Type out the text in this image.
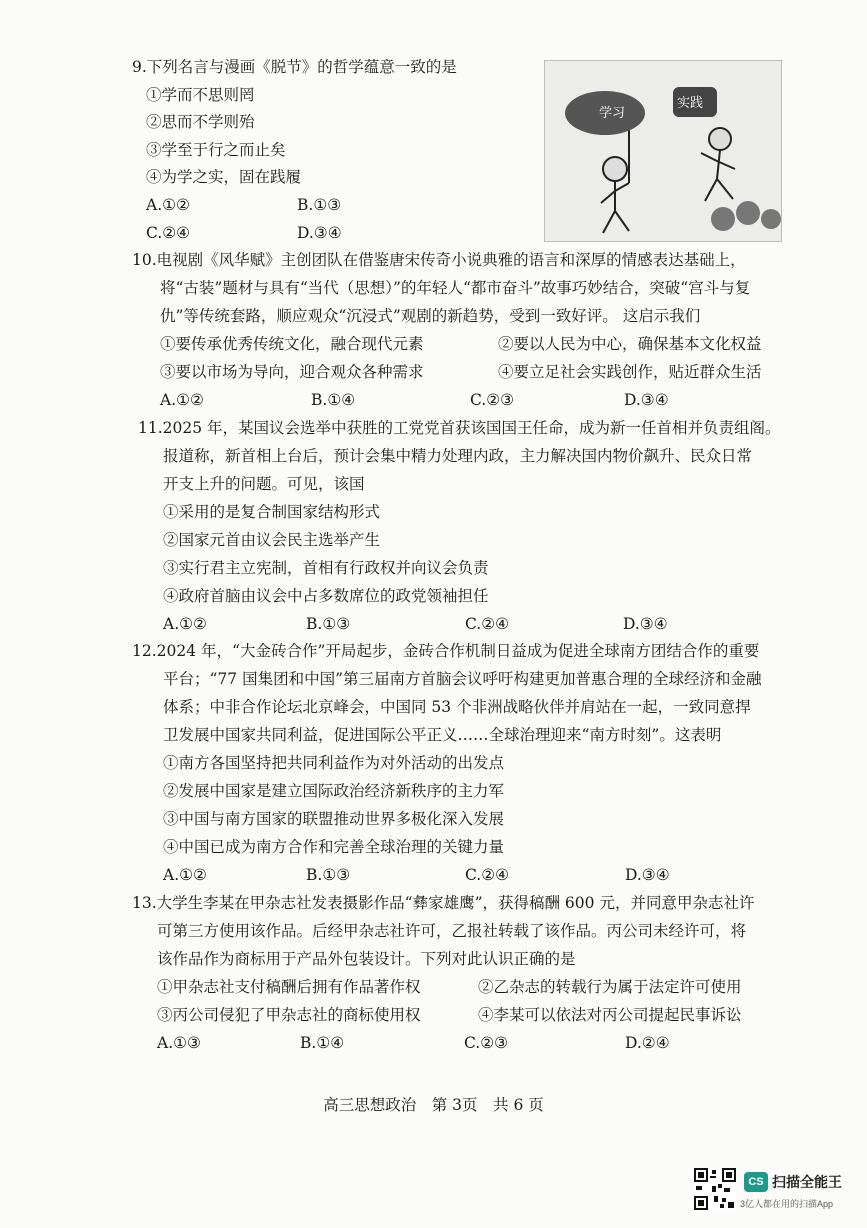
9.下列名言与漫画《脱节》的哲学蕴意一致的是
①学而不思则罔
②思而不学则殆
③学至于行之而止矣
④为学之实，固在践履
A.①②	B.①③
C.②④	D.③④
学习
实践
10.电视剧《风华赋》主创团队在借鉴唐宋传奇小说典雅的语言和深厚的情感表达基础上，
将“古装”题材与具有“当代（思想）”的年轻人“都市奋斗”故事巧妙结合，突破“宫斗与复
仇”等传统套路，顺应观众“沉浸式”观剧的新趋势，受到一致好评。 这启示我们
①要传承优秀传统文化，融合现代元素	②要以人民为中心，确保基本文化权益
③要以市场为导向，迎合观众各种需求	④要立足社会实践创作，贴近群众生活
A.①②	B.①④	C.②③	D.③④
11.2025 年，某国议会选举中获胜的工党党首获该国国王任命，成为新一任首相并负责组阁。
报道称，新首相上台后，预计会集中精力处理内政，主力解决国内物价飙升、民众日常
开支上升的问题。可见，该国
①采用的是复合制国家结构形式
②国家元首由议会民主选举产生
③实行君主立宪制，首相有行政权并向议会负责
④政府首脑由议会中占多数席位的政党领袖担任
A.①②	B.①③	C.②④	D.③④
12.2024 年，“大金砖合作”开局起步，金砖合作机制日益成为促进全球南方团结合作的重要
平台；“77 国集团和中国”第三届南方首脑会议呼吁构建更加普惠合理的全球经济和金融
体系；中非合作论坛北京峰会，中国同 53 个非洲战略伙伴并肩站在一起，一致同意捍
卫发展中国家共同利益，促进国际公平正义……全球治理迎来“南方时刻”。这表明
①南方各国坚持把共同利益作为对外活动的出发点
②发展中国家是建立国际政治经济新秩序的主力军
③中国与南方国家的联盟推动世界多极化深入发展
④中国已成为南方合作和完善全球治理的关键力量
A.①②	B.①③	C.②④	D.③④
13.大学生李某在甲杂志社发表摄影作品“彝家雄鹰”，获得稿酬 600 元，并同意甲杂志社许
可第三方使用该作品。后经甲杂志社许可，乙报社转载了该作品。丙公司未经许可，将
该作品作为商标用于产品外包装设计。下列对此认识正确的是
①甲杂志社支付稿酬后拥有作品著作权	②乙杂志的转载行为属于法定许可使用
③丙公司侵犯了甲杂志社的商标使用权	④李某可以依法对丙公司提起民事诉讼
A.①③	B.①④	C.②③	D.②④
高三思想政治　第 3页　共 6 页
CS 扫描全能王
3亿人都在用的扫描App
